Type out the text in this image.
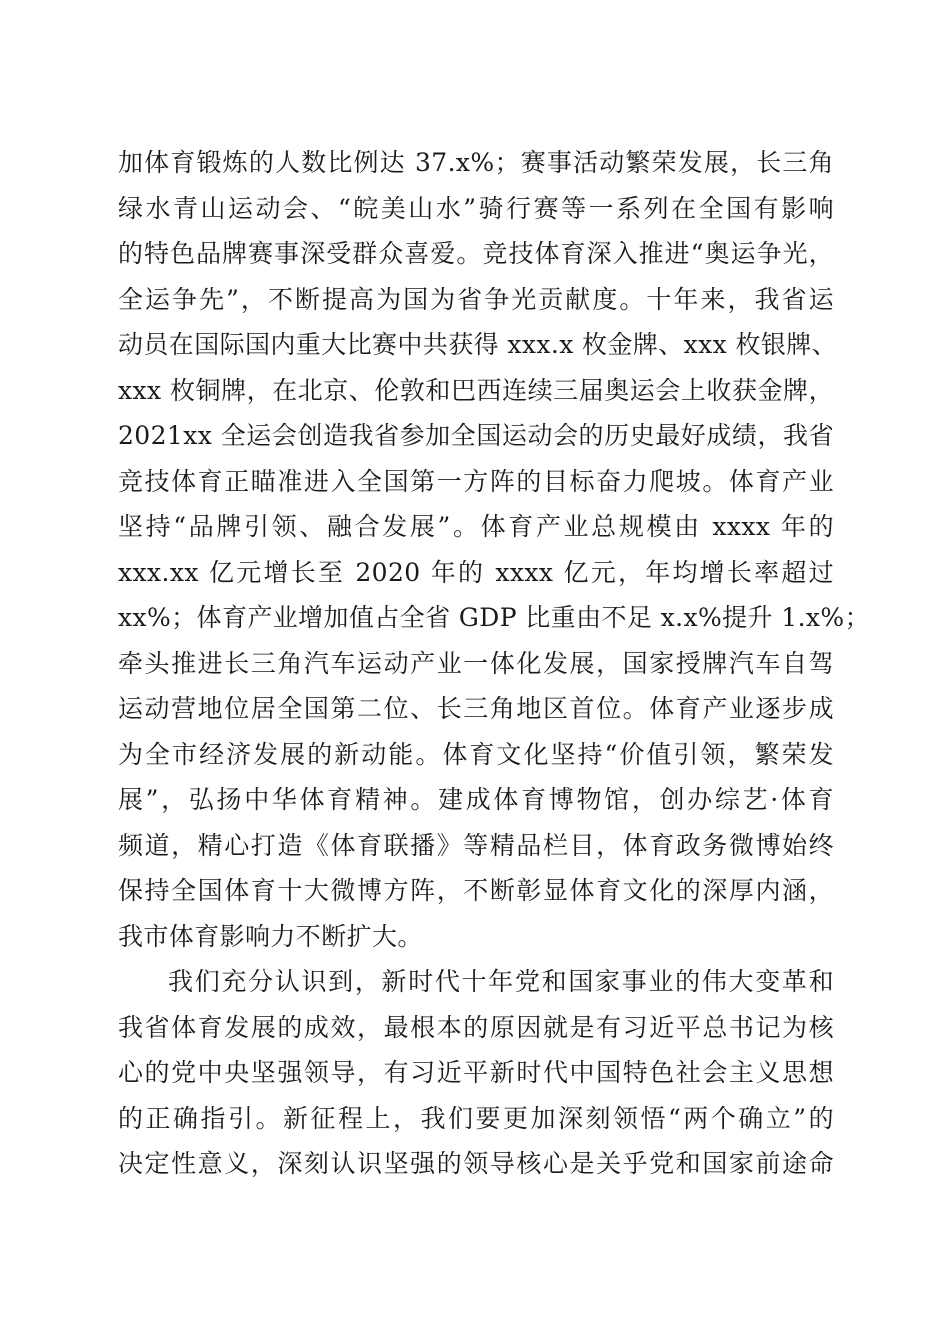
加体育锻炼的人数比例达 37.x%；赛事活动繁荣发展，长三角
绿水青山运动会、“皖美山水”骑行赛等一系列在全国有影响
的特色品牌赛事深受群众喜爱。竞技体育深入推进“奥运争光，
全运争先”，不断提高为国为省争光贡献度。十年来，我省运
动员在国际国内重大比赛中共获得 xxx.x 枚金牌、xxx 枚银牌、
xxx 枚铜牌，在北京、伦敦和巴西连续三届奥运会上收获金牌，
2021xx 全运会创造我省参加全国运动会的历史最好成绩，我省
竞技体育正瞄准进入全国第一方阵的目标奋力爬坡。体育产业
坚持“品牌引领、融合发展”。体育产业总规模由 xxxx 年的
xxx.xx 亿元增长至 2020 年的 xxxx 亿元，年均增长率超过
xx%；体育产业增加值占全省 GDP 比重由不足 x.x%提升 1.x%；
牵头推进长三角汽车运动产业一体化发展，国家授牌汽车自驾
运动营地位居全国第二位、长三角地区首位。体育产业逐步成
为全市经济发展的新动能。体育文化坚持“价值引领，繁荣发
展”，弘扬中华体育精神。建成体育博物馆，创办综艺·体育
频道，精心打造《体育联播》等精品栏目，体育政务微博始终
保持全国体育十大微博方阵，不断彰显体育文化的深厚内涵，
我市体育影响力不断扩大。
我们充分认识到，新时代十年党和国家事业的伟大变革和
我省体育发展的成效，最根本的原因就是有习近平总书记为核
心的党中央坚强领导，有习近平新时代中国特色社会主义思想
的正确指引。新征程上，我们要更加深刻领悟“两个确立”的
决定性意义，深刻认识坚强的领导核心是关乎党和国家前途命
